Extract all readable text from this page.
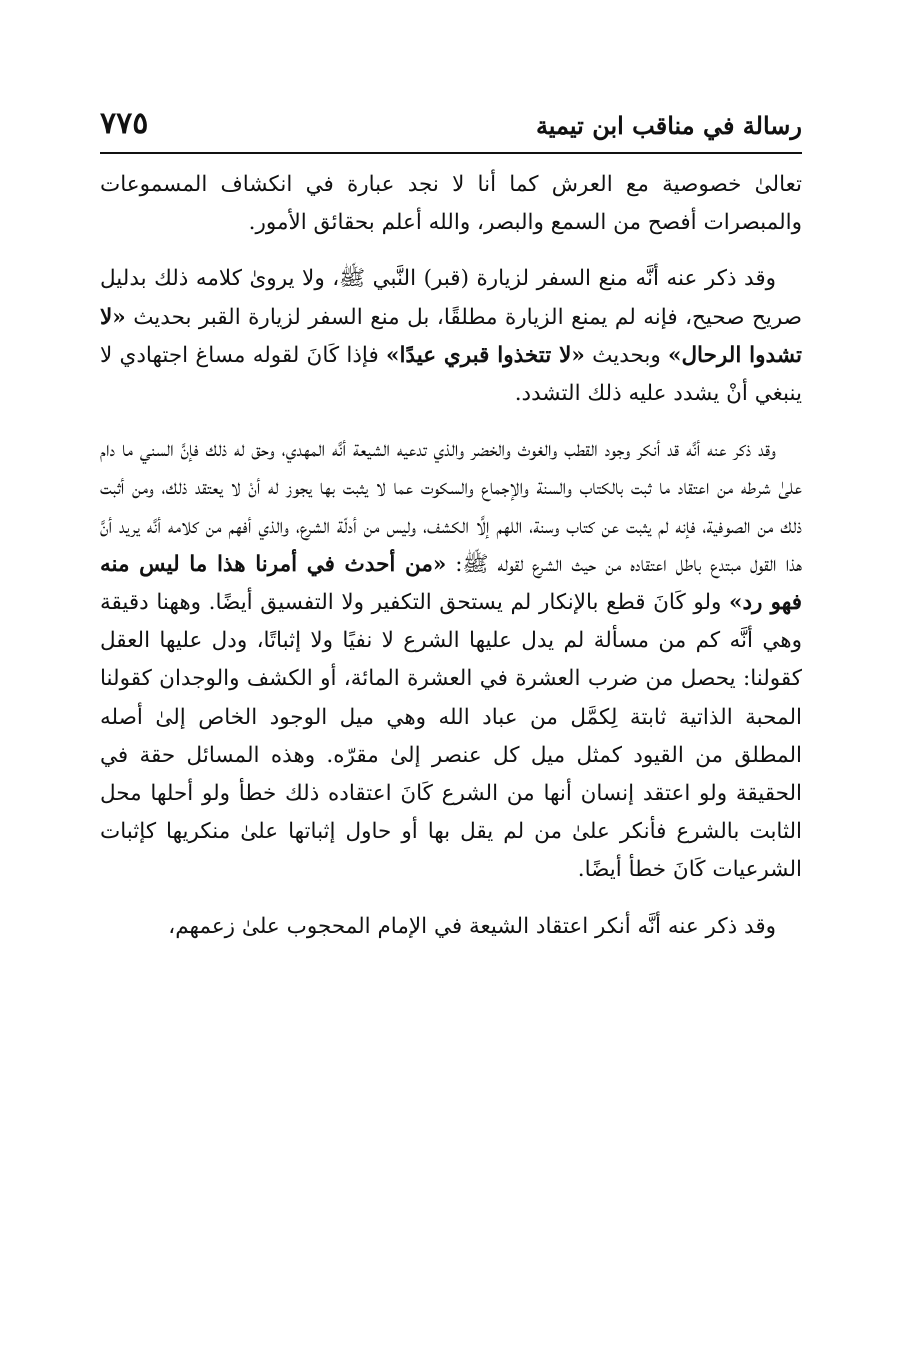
رسالة في مناقب ابن تيمية
٧٧٥

تعالىٰ خصوصية مع العرش كما أنا لا نجد عبارة في انكشاف المسموعات والمبصرات أفصح من السمع والبصر، والله أعلم بحقائق الأمور.

وقد ذكر عنه أنَّه منع السفر لزيارة (قبر) النَّبي ﷺ، ولا يروىٰ كلامه ذلك بدليل صريح صحيح، فإنه لم يمنع الزيارة مطلقًا، بل منع السفر لزيارة القبر بحديث «لا تشدوا الرحال» وبحديث «لا تتخذوا قبري عيدًا» فإذا كَانَ لقوله مساغ اجتهادي لا ينبغي أنْ يشدد عليه ذلك التشدد.

وقد ذكر عنه أنَّه قد أنكر وجود القطب والغوث والخضر والذي تدعيه الشيعة أنَّه المهدي، وحق له ذلك فإنَّ السني ما دام علىٰ شرطه من اعتقاد ما ثبت بالكتاب والسنة والإجماع والسكوت عما لا يثبت بها يجوز له أنْ لا يعتقد ذلك، ومن أثبت ذلك من الصوفية، فإنه لم يثبت عن كتاب وسنة، اللهم إلَّا الكشف، وليس من أدلّة الشرع، والذي أفهم من كلامه أنَّه يريد أنَّ هذا القول مبتدع باطل اعتقاده من حيث الشرع لقوله ﷺ: «من أحدث في أمرنا هذا ما ليس منه فهو رد» ولو كَانَ قطع بالإنكار لم يستحق التكفير ولا التفسيق أيضًا. وههنا دقيقة وهي أنَّه كم من مسألة لم يدل عليها الشرع لا نفيًا ولا إثباتًا، ودل عليها العقل كقولنا: يحصل من ضرب العشرة في العشرة المائة، أو الكشف والوجدان كقولنا المحبة الذاتية ثابتة لِكمَّل من عباد الله وهي ميل الوجود الخاص إلىٰ أصله المطلق من القيود كمثل ميل كل عنصر إلىٰ مقرّه. وهذه المسائل حقة في الحقيقة ولو اعتقد إنسان أنها من الشرع كَانَ اعتقاده ذلك خطأ ولو أحلها محل الثابت بالشرع فأنكر علىٰ من لم يقل بها أو حاول إثباتها علىٰ منكريها كإثبات الشرعيات كَانَ خطأ أيضًا.

وقد ذكر عنه أنَّه أنكر اعتقاد الشيعة في الإمام المحجوب علىٰ زعمهم،
